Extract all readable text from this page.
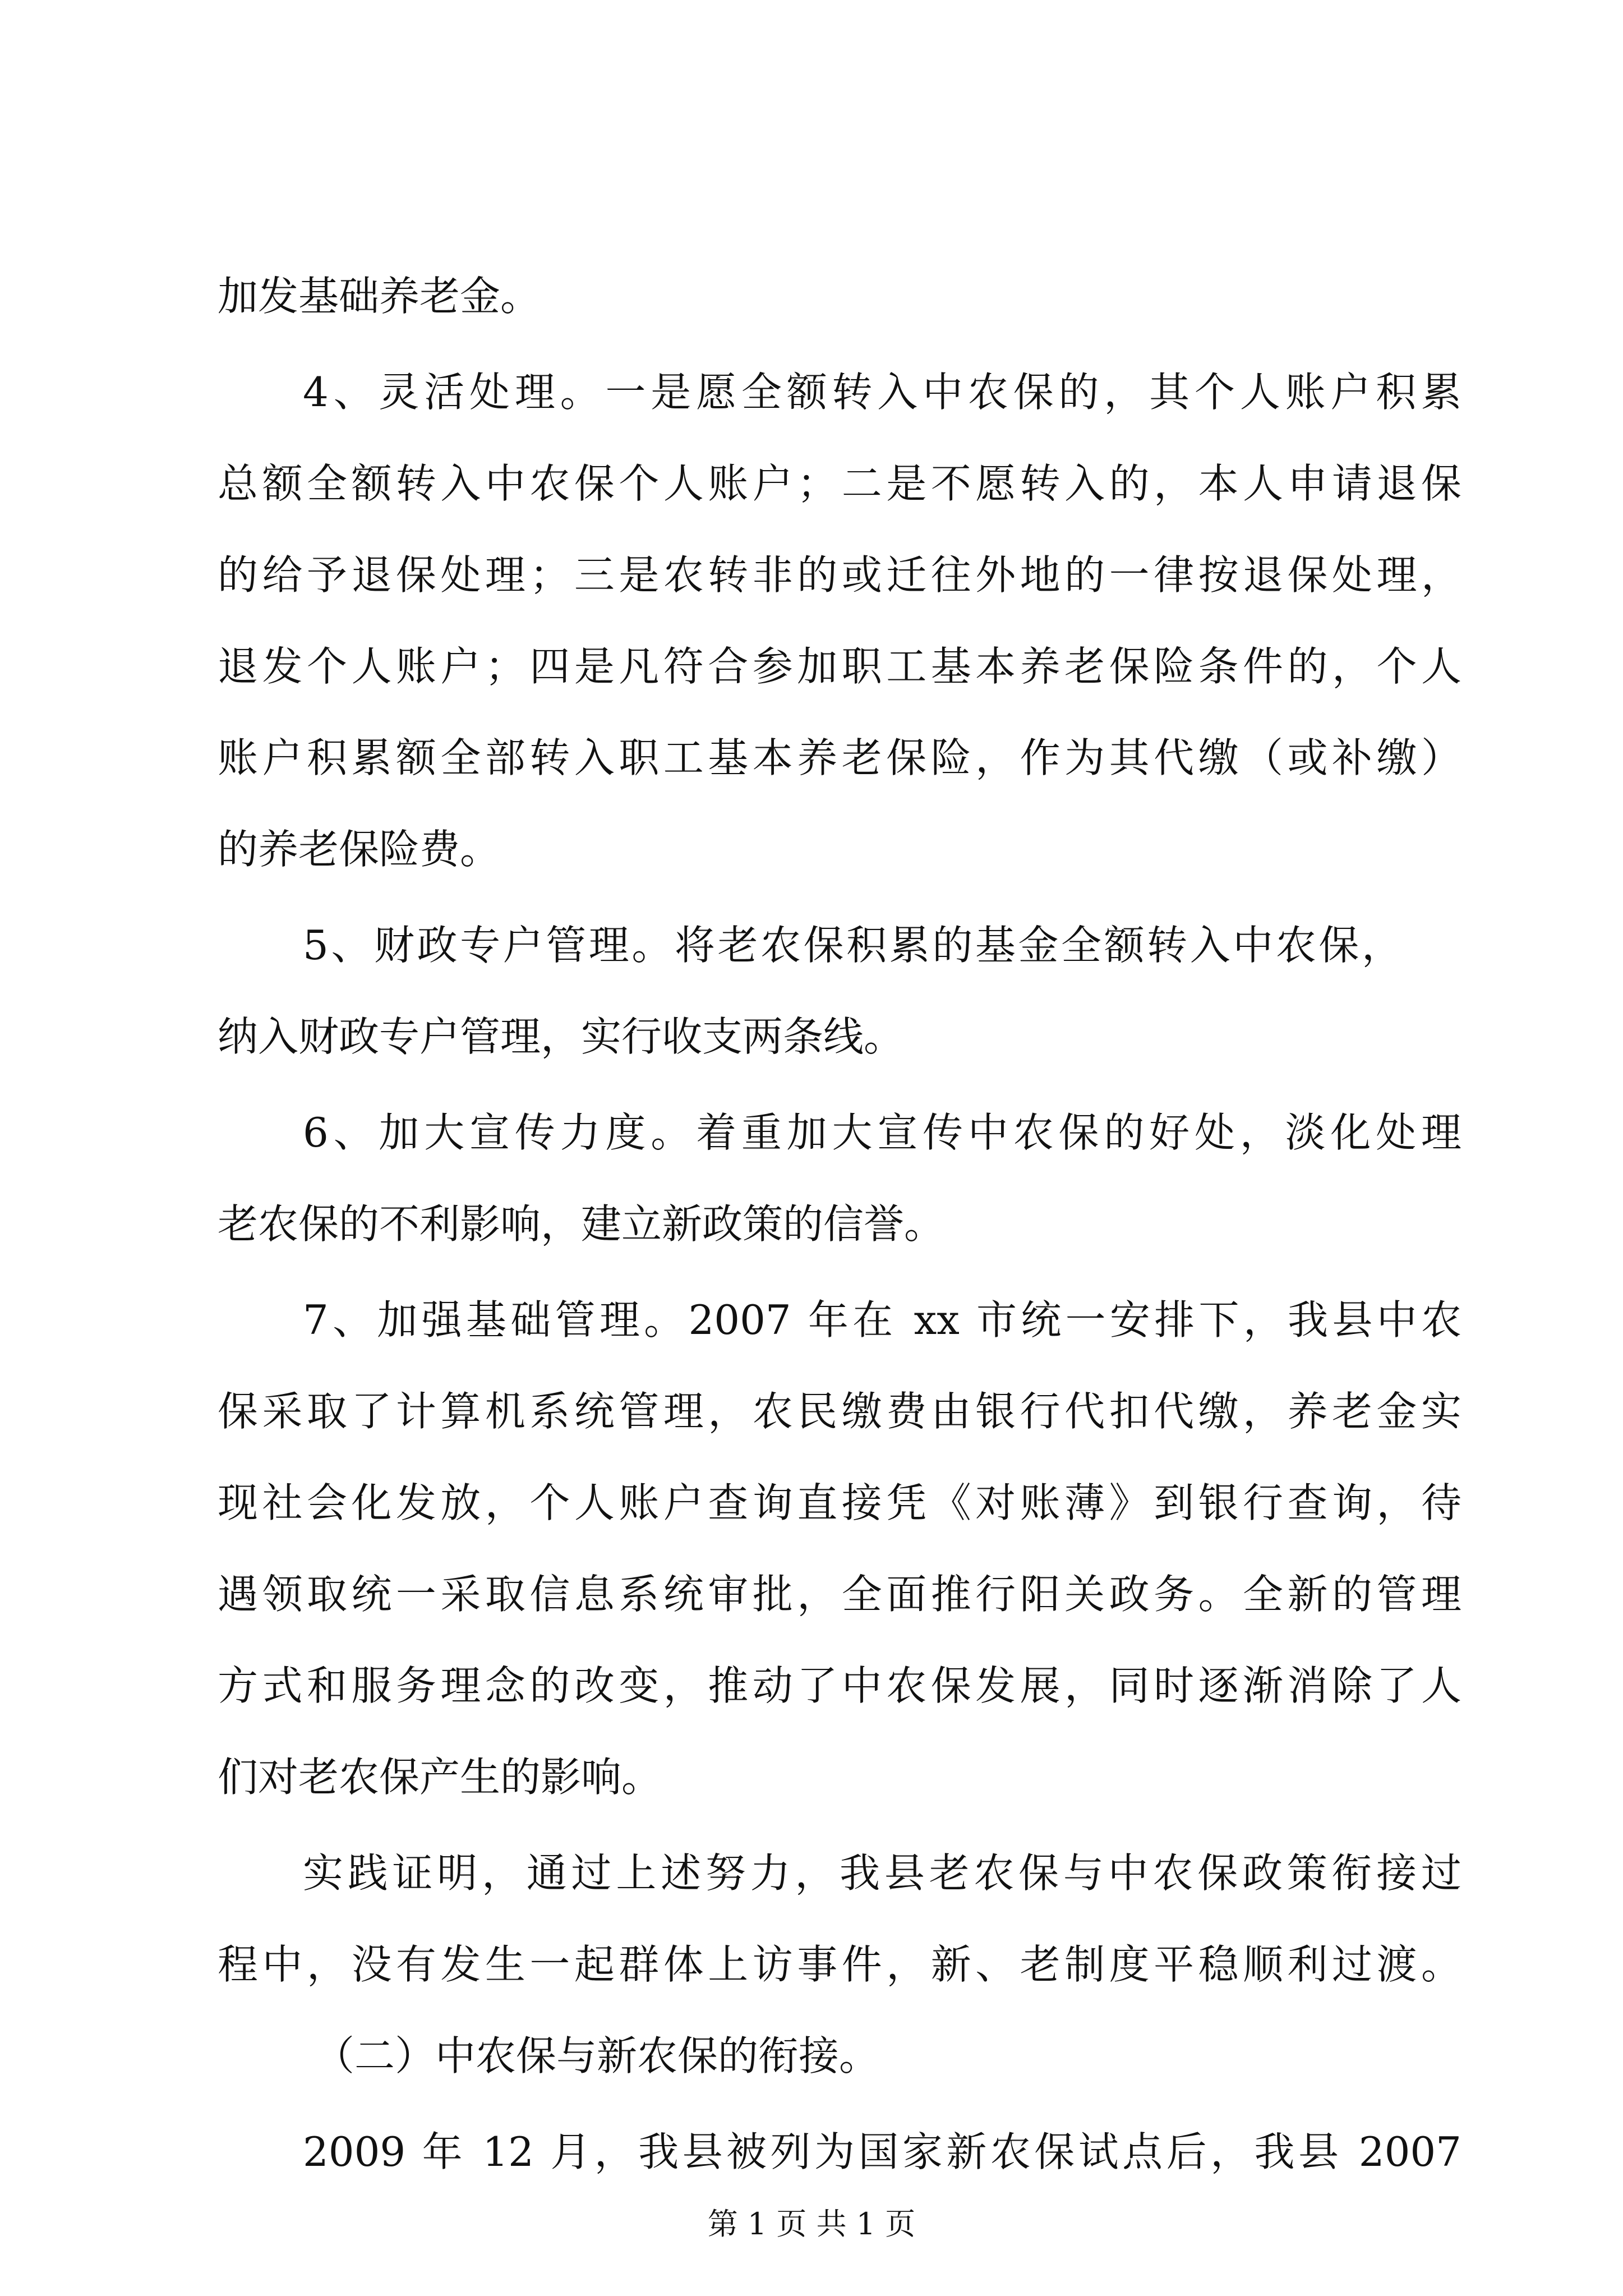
加发基础养老金。
4、灵活处理。一是愿全额转入中农保的，其个人账户积累
总额全额转入中农保个人账户；二是不愿转入的，本人申请退保
的给予退保处理；三是农转非的或迁往外地的一律按退保处理，
退发个人账户；四是凡符合参加职工基本养老保险条件的，个人
账户积累额全部转入职工基本养老保险，作为其代缴（或补缴）
的养老保险费。
5、财政专户管理。将老农保积累的基金全额转入中农保，
纳入财政专户管理，实行收支两条线。
6、加大宣传力度。着重加大宣传中农保的好处，淡化处理
老农保的不利影响，建立新政策的信誉。
7、加强基础管理。2007 年在 xx 市统一安排下，我县中农
保采取了计算机系统管理，农民缴费由银行代扣代缴，养老金实
现社会化发放，个人账户查询直接凭《对账薄》到银行查询，待
遇领取统一采取信息系统审批，全面推行阳关政务。全新的管理
方式和服务理念的改变，推动了中农保发展，同时逐渐消除了人
们对老农保产生的影响。
实践证明，通过上述努力，我县老农保与中农保政策衔接过
程中，没有发生一起群体上访事件，新、老制度平稳顺利过渡。
（二）中农保与新农保的衔接。
2009 年 12 月，我县被列为国家新农保试点后，我县 2007
第 1 页 共 1 页
